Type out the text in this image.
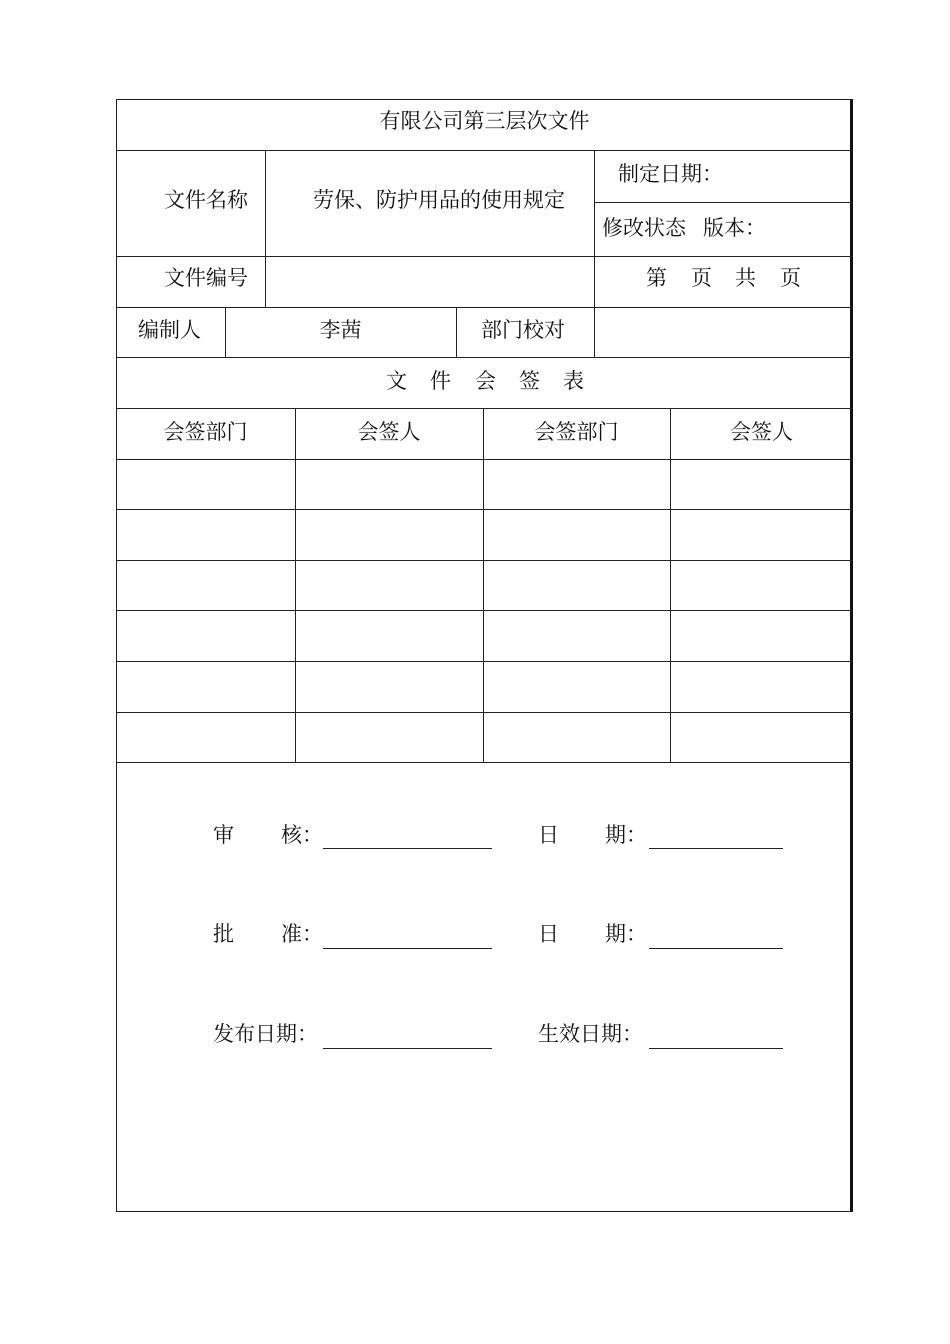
有限公司第三层次文件
文件名称	劳保、防护用品的使用规定
制定日期：
修改状态 版本：
文件编号	第 页 共 页
编制人	李茜	部门校对
文 件 会 签 表
会签部门	会签人	会签部门	会签人
审 核：	日 期：
批 准：	日 期：
发布日期：	生效日期：
